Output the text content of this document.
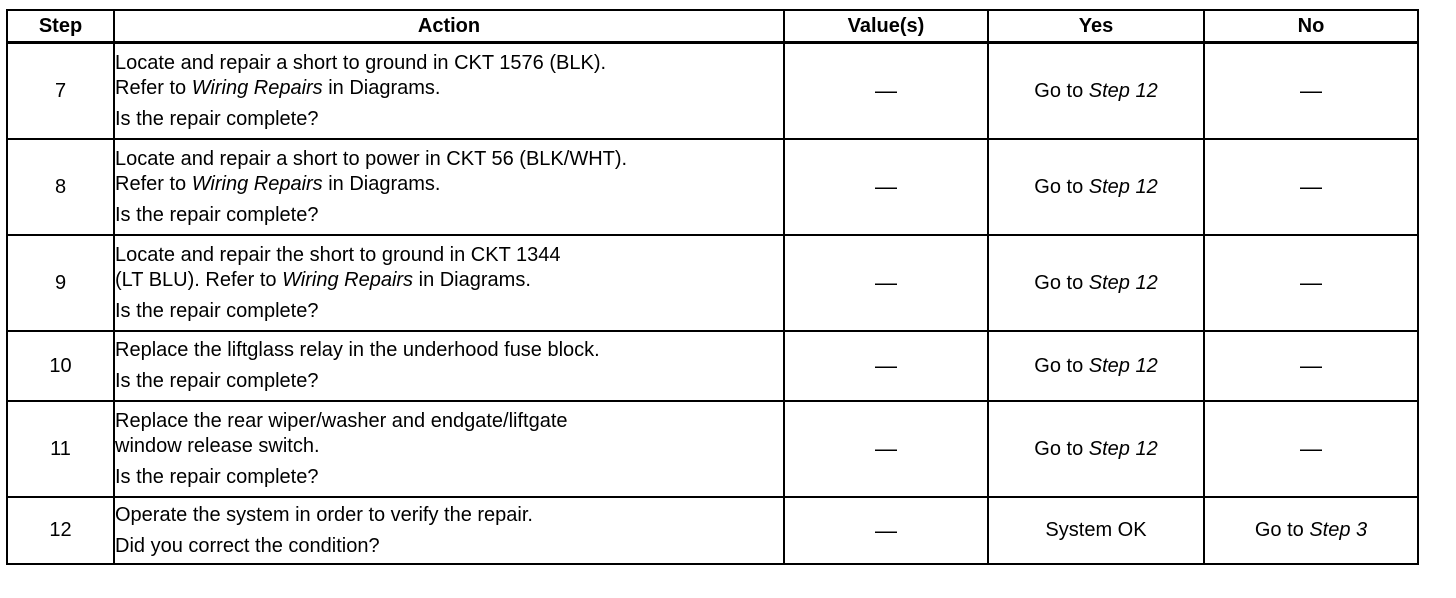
Step	Action	Value(s)	Yes	No
7	Locate and repair a short to ground in CKT 1576 (BLK).
Refer to Wiring Repairs in Diagrams.
Is the repair complete?	—	Go to Step 12	—
8	Locate and repair a short to power in CKT 56 (BLK/WHT).
Refer to Wiring Repairs in Diagrams.
Is the repair complete?	—	Go to Step 12	—
9	Locate and repair the short to ground in CKT 1344
(LT BLU). Refer to Wiring Repairs in Diagrams.
Is the repair complete?	—	Go to Step 12	—
10	Replace the liftglass relay in the underhood fuse block.
Is the repair complete?	—	Go to Step 12	—
11	Replace the rear wiper/washer and endgate/liftgate
window release switch.
Is the repair complete?	—	Go to Step 12	—
12	Operate the system in order to verify the repair.
Did you correct the condition?	—	System OK	Go to Step 3
